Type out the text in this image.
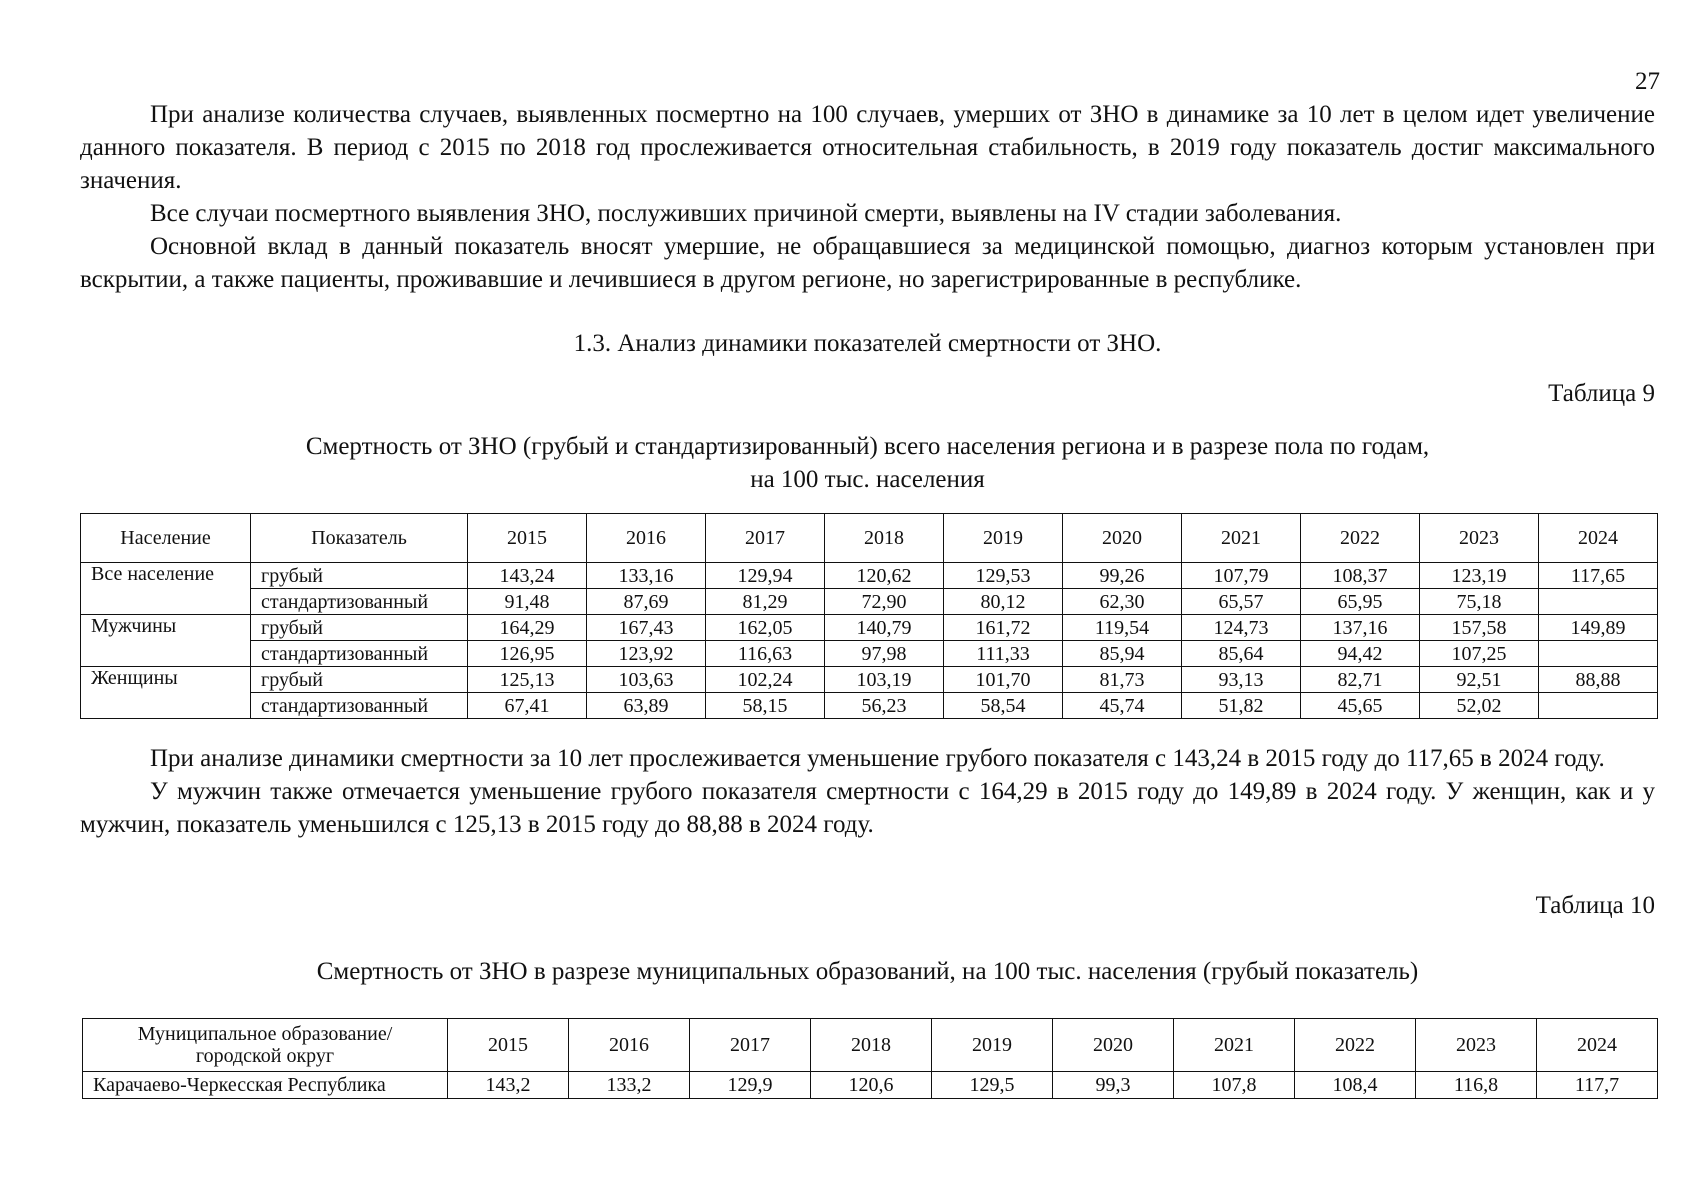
27

При анализе количества случаев, выявленных посмертно на 100 случаев, умерших от ЗНО в динамике за 10 лет в целом идет увеличение данного показателя. В период с 2015 по 2018 год прослеживается относительная стабильность, в 2019 году показатель достиг максимального значения.

Все случаи посмертного выявления ЗНО, послуживших причиной смерти, выявлены на IV стадии заболевания.

Основной вклад в данный показатель вносят умершие, не обращавшиеся за медицинской помощью, диагноз которым установлен при вскрытии, а также пациенты, проживавшие и лечившиеся в другом регионе, но зарегистрированные в республике.

1.3. Анализ динамики показателей смертности от ЗНО.
Таблица 9
Смертность от ЗНО (грубый и стандартизированный) всего населения региона и в разрезе пола по годам,
на 100 тыс. населения
Население	Показатель	2015	2016	2017	2018	2019	2020	2021	2022	2023	2024
Все население	грубый	143,24	133,16	129,94	120,62	129,53	99,26	107,79	108,37	123,19	117,65
	стандартизованный	91,48	87,69	81,29	72,90	80,12	62,30	65,57	65,95	75,18	
Мужчины	грубый	164,29	167,43	162,05	140,79	161,72	119,54	124,73	137,16	157,58	149,89
	стандартизованный	126,95	123,92	116,63	97,98	111,33	85,94	85,64	94,42	107,25	
Женщины	грубый	125,13	103,63	102,24	103,19	101,70	81,73	93,13	82,71	92,51	88,88
	стандартизованный	67,41	63,89	58,15	56,23	58,54	45,74	51,82	45,65	52,02	

При анализе динамики смертности за 10 лет прослеживается уменьшение грубого показателя с 143,24 в 2015 году до 117,65 в 2024 году.

У мужчин также отмечается уменьшение грубого показателя смертности с 164,29 в 2015 году до 149,89 в 2024 году. У женщин, как и у мужчин, показатель уменьшился с 125,13 в 2015 году до 88,88 в 2024 году.

Таблица 10
Смертность от ЗНО в разрезе муниципальных образований, на 100 тыс. населения (грубый показатель)
Муниципальное образование/
городской округ	2015	2016	2017	2018	2019	2020	2021	2022	2023	2024
Карачаево-Черкесская Республика	143,2	133,2	129,9	120,6	129,5	99,3	107,8	108,4	116,8	117,7
